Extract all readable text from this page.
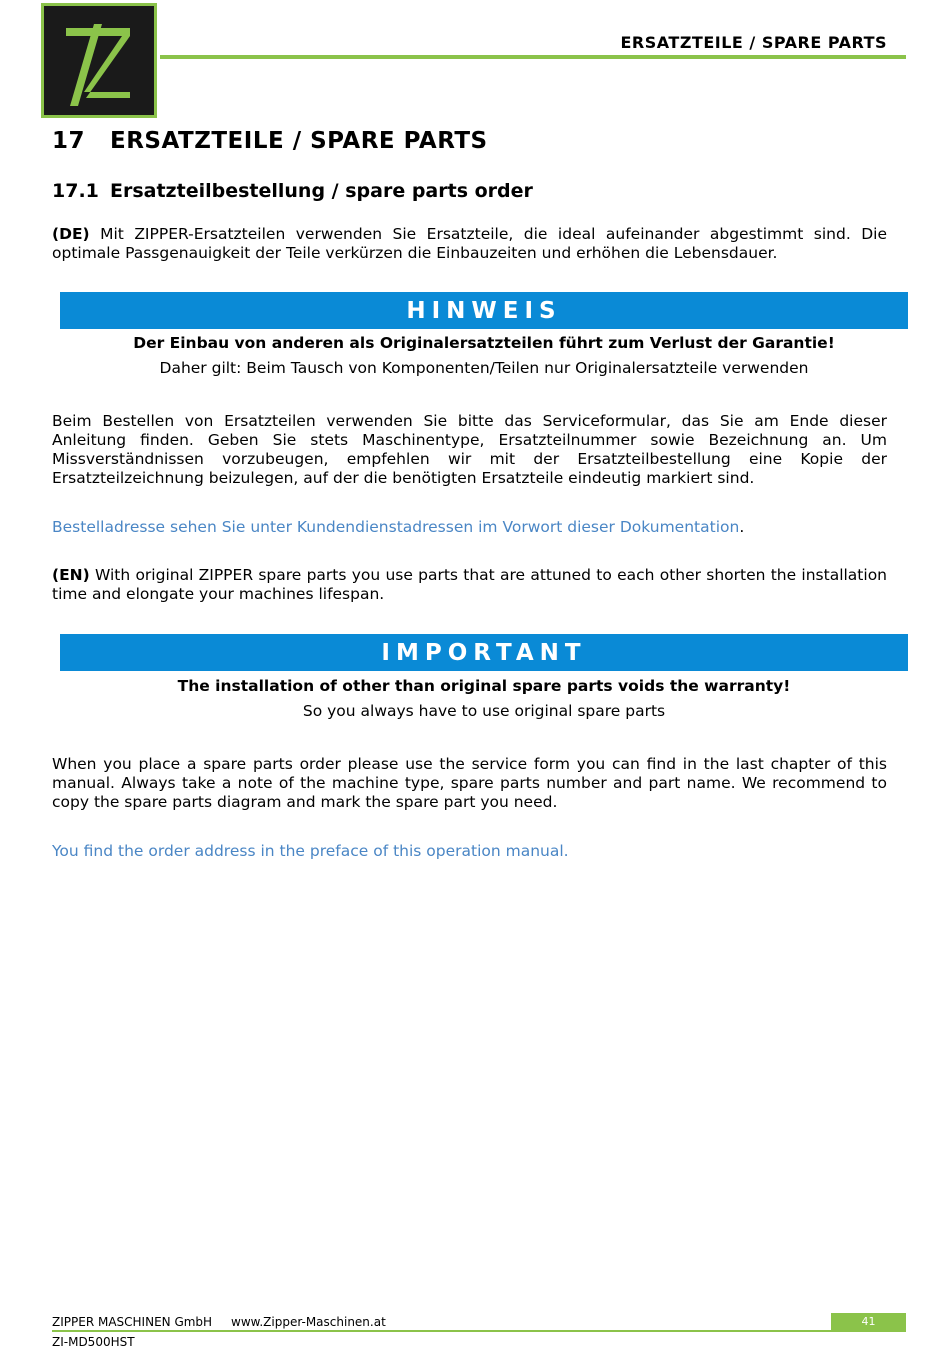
ERSATZTEILE / SPARE PARTS
17 ERSATZTEILE / SPARE PARTS
17.1 Ersatzteilbestellung / spare parts order

(DE) Mit ZIPPER-Ersatzteilen verwenden Sie Ersatzteile, die ideal aufeinander abgestimmt sind. Die optimale Passgenauigkeit der Teile verkürzen die Einbauzeiten und erhöhen die Lebensdauer.

HINWEIS
Der Einbau von anderen als Originalersatzteilen führt zum Verlust der Garantie!
Daher gilt: Beim Tausch von Komponenten/Teilen nur Originalersatzteile verwenden

Beim Bestellen von Ersatzteilen verwenden Sie bitte das Serviceformular, das Sie am Ende dieser Anleitung finden. Geben Sie stets Maschinentype, Ersatzteilnummer sowie Bezeichnung an. Um Missverständnissen vorzubeugen, empfehlen wir mit der Ersatzteilbestellung eine Kopie der Ersatzteilzeichnung beizulegen, auf der die benötigten Ersatzteile eindeutig markiert sind.

Bestelladresse sehen Sie unter Kundendienstadressen im Vorwort dieser Dokumentation.

(EN) With original ZIPPER spare parts you use parts that are attuned to each other shorten the installation time and elongate your machines lifespan.

IMPORTANT
The installation of other than original spare parts voids the warranty!
So you always have to use original spare parts

When you place a spare parts order please use the service form you can find in the last chapter of this manual. Always take a note of the machine type, spare parts number and part name. We recommend to copy the spare parts diagram and mark the spare part you need.

You find the order address in the preface of this operation manual.

ZIPPER MASCHINEN GmbH www.Zipper-Maschinen.at	41
ZI-MD500HST
